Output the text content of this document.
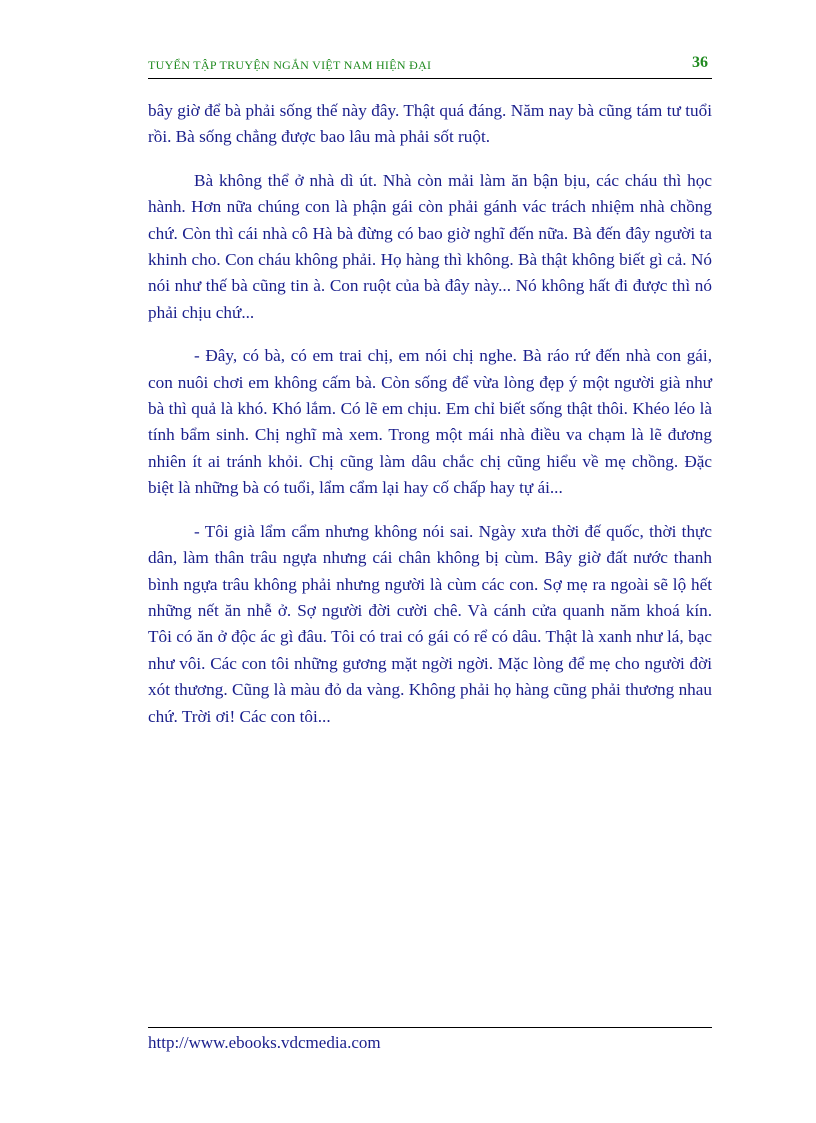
TUYỂN TẬP TRUYỆN NGẮN VIỆT NAM HIỆN ĐẠI	36

bây giờ để bà phải sống thế này đây. Thật quá đáng. Năm nay bà cũng tám tư tuổi rồi. Bà sống chẳng được bao lâu mà phải sốt ruột.

Bà không thể ở nhà dì út. Nhà còn mải làm ăn bận bịu, các cháu thì học hành. Hơn nữa chúng con là phận gái còn phải gánh vác trách nhiệm nhà chồng chứ. Còn thì cái nhà cô Hà bà đừng có bao giờ nghĩ đến nữa. Bà đến đây người ta khinh cho. Con cháu không phải. Họ hàng thì không. Bà thật không biết gì cả. Nó nói như thế bà cũng tin à. Con ruột của bà đây này... Nó không hất đi được thì nó phải chịu chứ...

- Đây, có bà, có em trai chị, em nói chị nghe. Bà ráo rứ đến nhà con gái, con nuôi chơi em không cấm bà. Còn sống để vừa lòng đẹp ý một người già như bà thì quả là khó. Khó lắm. Có lẽ em chịu. Em chỉ biết sống thật thôi. Khéo léo là tính bẩm sinh. Chị nghĩ mà xem. Trong một mái nhà điều va chạm là lẽ đương nhiên ít ai tránh khỏi. Chị cũng làm dâu chắc chị cũng hiểu về mẹ chồng. Đặc biệt là những bà có tuổi, lẩm cẩm lại hay cố chấp hay tự ái...

- Tôi già lẩm cẩm nhưng không nói sai. Ngày xưa thời đế quốc, thời thực dân, làm thân trâu ngựa nhưng cái chân không bị cùm. Bây giờ đất nước thanh bình ngựa trâu không phải nhưng người là cùm các con. Sợ mẹ ra ngoài sẽ lộ hết những nết ăn nhễ ở. Sợ người đời cười chê. Và cánh cửa quanh năm khoá kín. Tôi có ăn ở độc ác gì đâu. Tôi có trai có gái có rể có dâu. Thật là xanh như lá, bạc như vôi. Các con tôi những gương mặt ngời ngời. Mặc lòng để mẹ cho người đời xót thương. Cũng là màu đỏ da vàng. Không phải họ hàng cũng phải thương nhau chứ. Trời ơi! Các con tôi...

http://www.ebooks.vdcmedia.com
